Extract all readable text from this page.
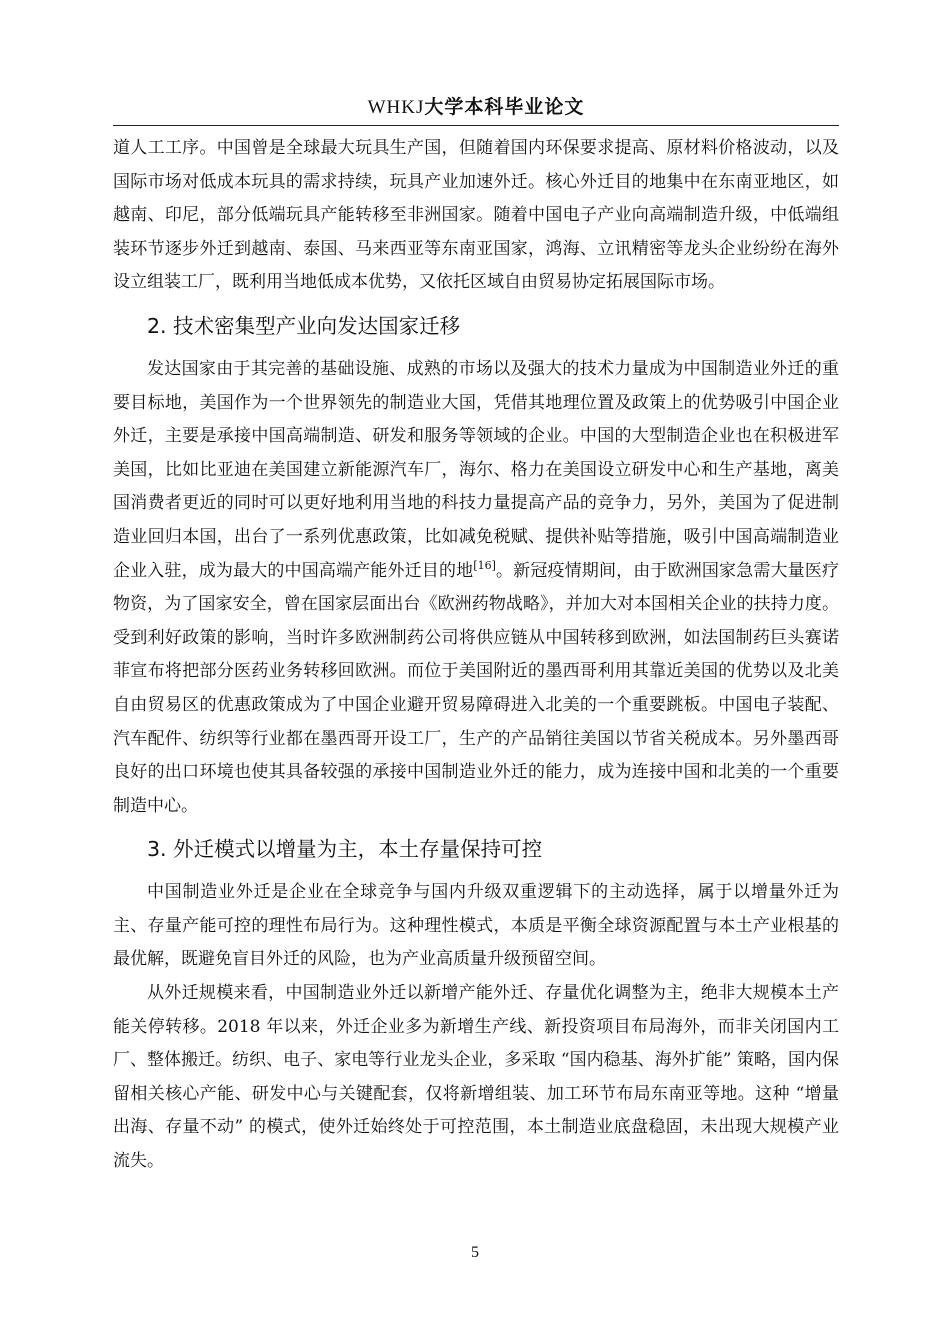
WHKJ大学本科毕业论文

道人工工序。中国曾是全球最大玩具生产国，但随着国内环保要求提高、原材料价格波动，以及国际市场对低成本玩具的需求持续，玩具产业加速外迁。核心外迁目的地集中在东南亚地区，如越南、印尼，部分低端玩具产能转移至非洲国家。随着中国电子产业向高端制造升级，中低端组装环节逐步外迁到越南、泰国、马来西亚等东南亚国家，鸿海、立讯精密等龙头企业纷纷在海外设立组装工厂，既利用当地低成本优势，又依托区域自由贸易协定拓展国际市场。

2. 技术密集型产业向发达国家迁移

发达国家由于其完善的基础设施、成熟的市场以及强大的技术力量成为中国制造业外迁的重要目标地，美国作为一个世界领先的制造业大国，凭借其地理位置及政策上的优势吸引中国企业外迁，主要是承接中国高端制造、研发和服务等领域的企业。中国的大型制造企业也在积极进军美国，比如比亚迪在美国建立新能源汽车厂，海尔、格力在美国设立研发中心和生产基地，离美国消费者更近的同时可以更好地利用当地的科技力量提高产品的竞争力，另外，美国为了促进制造业回归本国，出台了一系列优惠政策，比如减免税赋、提供补贴等措施，吸引中国高端制造业企业入驻，成为最大的中国高端产能外迁目的地[16]。新冠疫情期间，由于欧洲国家急需大量医疗物资，为了国家安全，曾在国家层面出台《欧洲药物战略》，并加大对本国相关企业的扶持力度。受到利好政策的影响，当时许多欧洲制药公司将供应链从中国转移到欧洲，如法国制药巨头赛诺菲宣布将把部分医药业务转移回欧洲。而位于美国附近的墨西哥利用其靠近美国的优势以及北美自由贸易区的优惠政策成为了中国企业避开贸易障碍进入北美的一个重要跳板。中国电子装配、汽车配件、纺织等行业都在墨西哥开设工厂，生产的产品销往美国以节省关税成本。另外墨西哥良好的出口环境也使其具备较强的承接中国制造业外迁的能力，成为连接中国和北美的一个重要制造中心。

3. 外迁模式以增量为主，本土存量保持可控

中国制造业外迁是企业在全球竞争与国内升级双重逻辑下的主动选择，属于以增量外迁为主、存量产能可控的理性布局行为。这种理性模式，本质是平衡全球资源配置与本土产业根基的最优解，既避免盲目外迁的风险，也为产业高质量升级预留空间。

从外迁规模来看，中国制造业外迁以新增产能外迁、存量优化调整为主，绝非大规模本土产能关停转移。2018 年以来，外迁企业多为新增生产线、新投资项目布局海外，而非关闭国内工厂、整体搬迁。纺织、电子、家电等行业龙头企业，多采取 “国内稳基、海外扩能” 策略，国内保留相关核心产能、研发中心与关键配套，仅将新增组装、加工环节布局东南亚等地。这种 “增量出海、存量不动” 的模式，使外迁始终处于可控范围，本土制造业底盘稳固，未出现大规模产业流失。

5
